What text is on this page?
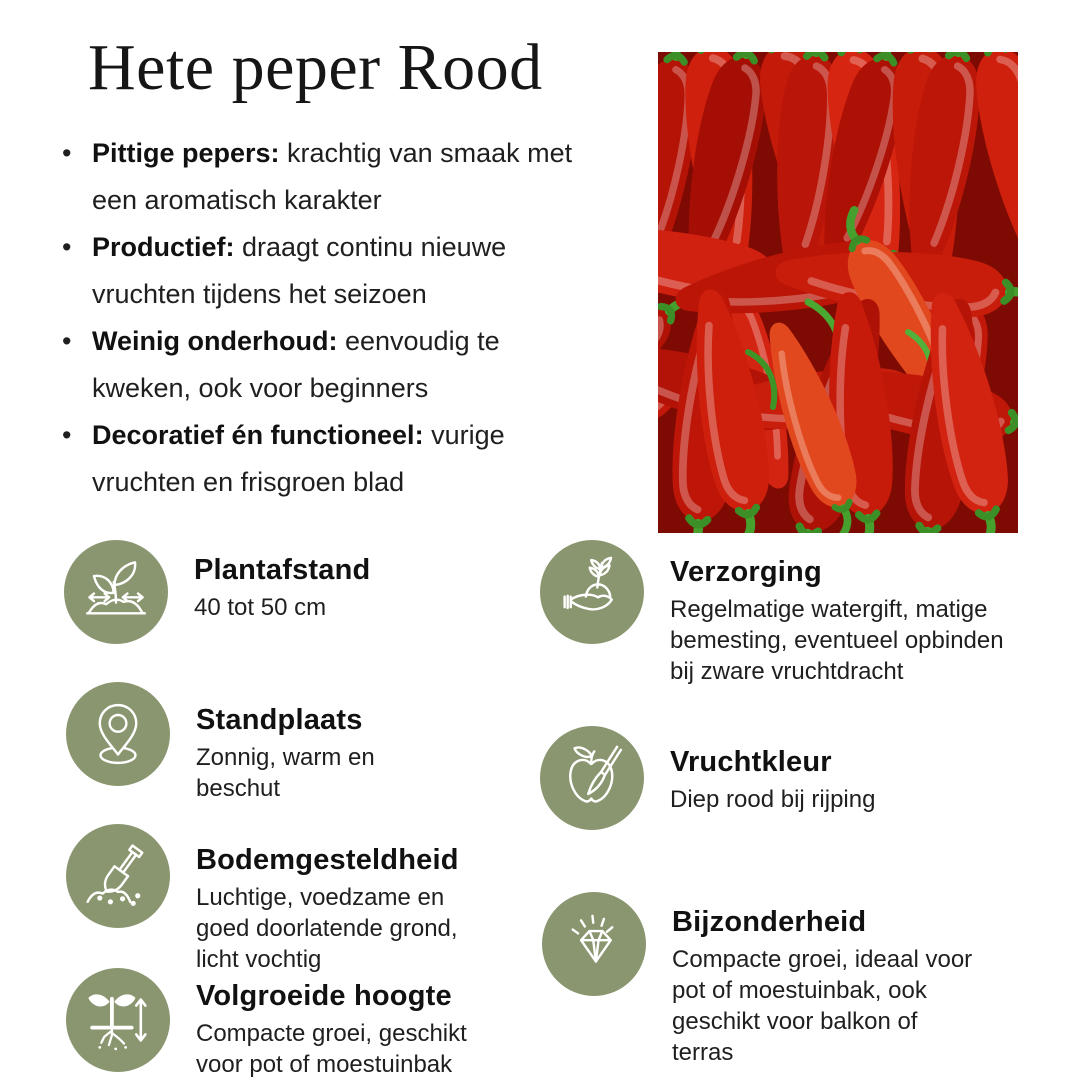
Hete peper Rood
• Pittige pepers: krachtig van smaak met een aromatisch karakter
• Productief: draagt continu nieuwe vruchten tijdens het seizoen
• Weinig onderhoud: eenvoudig te kweken, ook voor beginners
• Decoratief én functioneel: vurige vruchten en frisgroen blad
Plantafstand
40 tot 50 cm
Standplaats
Zonnig, warm en beschut
Bodemgesteldheid
Luchtige, voedzame en goed doorlatende grond, licht vochtig
Volgroeide hoogte
Compacte groei, geschikt voor pot of moestuinbak
Verzorging
Regelmatige watergift, matige bemesting, eventueel opbinden bij zware vruchtdracht
Vruchtkleur
Diep rood bij rijping
Bijzonderheid
Compacte groei, ideaal voor pot of moestuinbak, ook geschikt voor balkon of terras
